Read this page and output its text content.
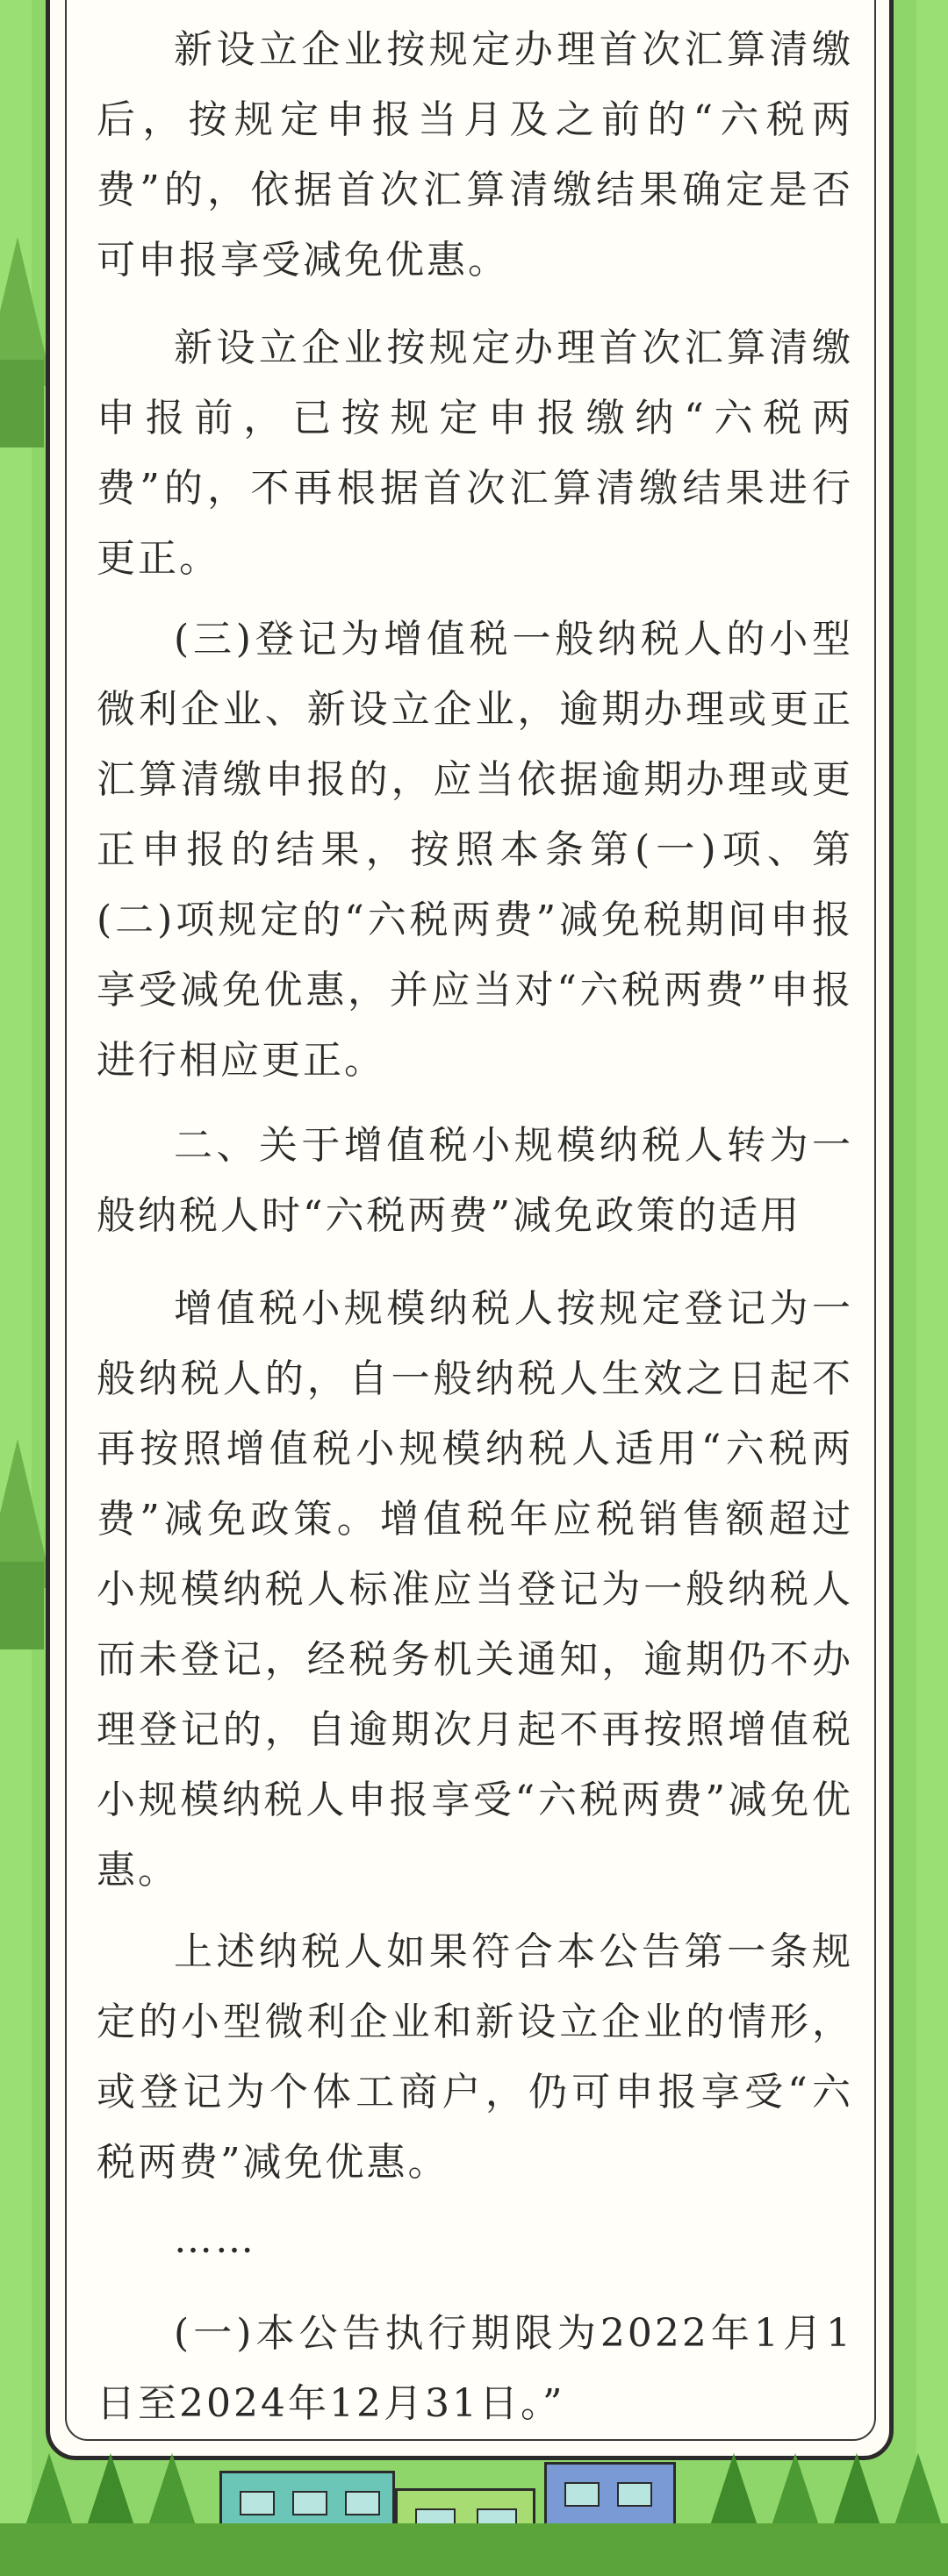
新设立企业按规定办理首次汇算清缴后，按规定申报当月及之前的“六税两费”的，依据首次汇算清缴结果确定是否可申报享受减免优惠。

新设立企业按规定办理首次汇算清缴申报前，已按规定申报缴纳“六税两费”的，不再根据首次汇算清缴结果进行更正。

(三)登记为增值税一般纳税人的小型微利企业、新设立企业，逾期办理或更正汇算清缴申报的，应当依据逾期办理或更正申报的结果，按照本条第(一)项、第(二)项规定的“六税两费”减免税期间申报享受减免优惠，并应当对“六税两费”申报进行相应更正。

二、关于增值税小规模纳税人转为一般纳税人时“六税两费”减免政策的适用

增值税小规模纳税人按规定登记为一般纳税人的，自一般纳税人生效之日起不再按照增值税小规模纳税人适用“六税两费”减免政策。增值税年应税销售额超过小规模纳税人标准应当登记为一般纳税人而未登记，经税务机关通知，逾期仍不办理登记的，自逾期次月起不再按照增值税小规模纳税人申报享受“六税两费”减免优惠。

上述纳税人如果符合本公告第一条规定的小型微利企业和新设立企业的情形，或登记为个体工商户，仍可申报享受“六税两费”减免优惠。

……

(一)本公告执行期限为2022年1月1日至2024年12月31日。”
